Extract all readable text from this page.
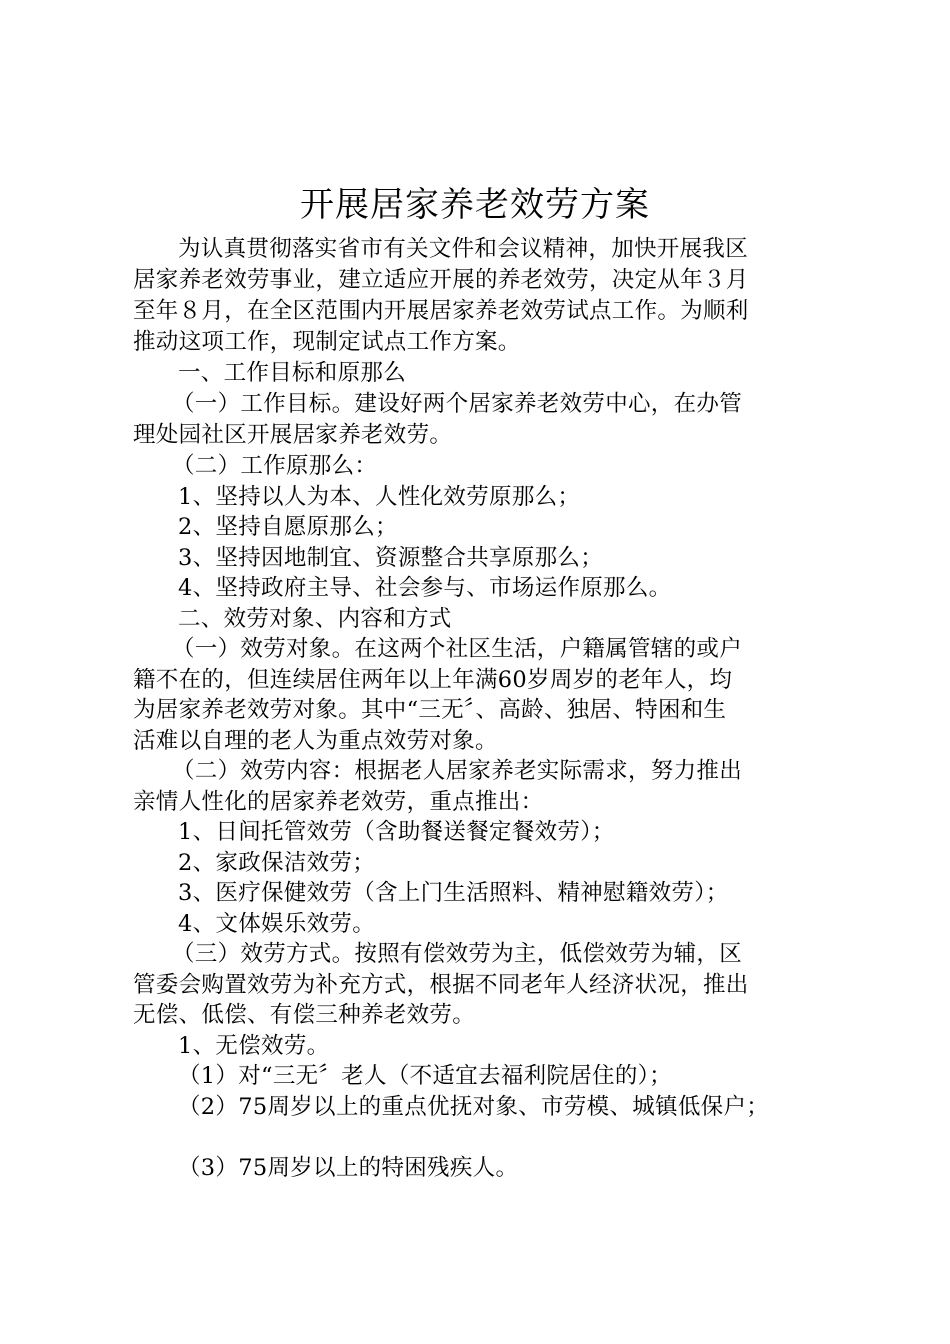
开展居家养老效劳方案
为认真贯彻落实省市有关文件和会议精神，加快开展我区
居家养老效劳事业，建立适应开展的养老效劳，决定从年３月
至年８月，在全区范围内开展居家养老效劳试点工作。为顺利
推动这项工作，现制定试点工作方案。
一、工作目标和原那么
（一）工作目标。建设好两个居家养老效劳中心，在办管
理处园社区开展居家养老效劳。
（二）工作原那么：
1、坚持以人为本、人性化效劳原那么；
2、坚持自愿原那么；
3、坚持因地制宜、资源整合共享原那么；
4、坚持政府主导、社会参与、市场运作原那么。
二、效劳对象、内容和方式
（一）效劳对象。在这两个社区生活，户籍属管辖的或户
籍不在的，但连续居住两年以上年满60岁周岁的老年人，均
为居家养老效劳对象。其中“三无〞、高龄、独居、特困和生
活难以自理的老人为重点效劳对象。
（二）效劳内容：根据老人居家养老实际需求，努力推出
亲情人性化的居家养老效劳，重点推出：
1、日间托管效劳（含助餐送餐定餐效劳）；
2、家政保洁效劳；
3、医疗保健效劳（含上门生活照料、精神慰籍效劳）；
4、文体娱乐效劳。
（三）效劳方式。按照有偿效劳为主，低偿效劳为辅，区
管委会购置效劳为补充方式，根据不同老年人经济状况，推出
无偿、低偿、有偿三种养老效劳。
1、无偿效劳。
（1）对“三无〞老人（不适宜去福利院居住的）；
（2）75周岁以上的重点优抚对象、市劳模、城镇低保户；
（3）75周岁以上的特困残疾人。
